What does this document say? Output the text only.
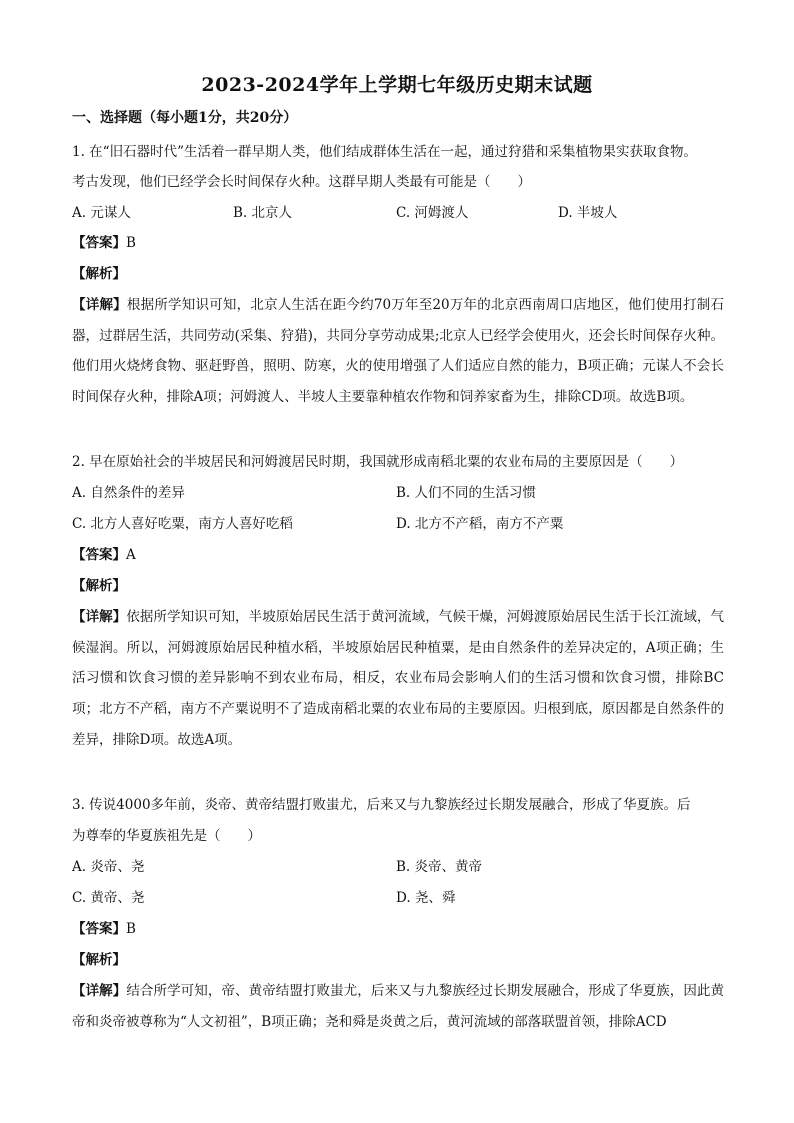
2023-2024学年上学期七年级历史期末试题
一、选择题（每小题1分，共20分）
1. 在“旧石器时代”生活着一群早期人类，他们结成群体生活在一起，通过狩猎和采集植物果实获取食物。
考古发现，他们已经学会长时间保存火种。这群早期人类最有可能是（　　）
A. 元谋人	B. 北京人	C. 河姆渡人	D. 半坡人
【答案】B
【解析】
【详解】根据所学知识可知，北京人生活在距今约70万年至20万年的北京西南周口店地区，他们使用打制石器，过群居生活，共同劳动(采集、狩猎)，共同分享劳动成果;北京人已经学会使用火，还会长时间保存火种。他们用火烧烤食物、驱赶野兽，照明、防寒，火的使用增强了人们适应自然的能力，B项正确；元谋人不会长时间保存火种，排除A项；河姆渡人、半坡人主要靠种植农作物和饲养家畜为生，排除CD项。故选B项。
2. 早在原始社会的半坡居民和河姆渡居民时期，我国就形成南稻北粟的农业布局的主要原因是（　　）
A. 自然条件的差异	B. 人们不同的生活习惯
C. 北方人喜好吃粟，南方人喜好吃稻	D. 北方不产稻，南方不产粟
【答案】A
【解析】
【详解】依据所学知识可知，半坡原始居民生活于黄河流域，气候干燥，河姆渡原始居民生活于长江流域，气候湿润。所以，河姆渡原始居民种植水稻，半坡原始居民种植粟，是由自然条件的差异决定的，A项正确；生活习惯和饮食习惯的差异影响不到农业布局，相反，农业布局会影响人们的生活习惯和饮食习惯，排除BC项；北方不产稻，南方不产粟说明不了造成南稻北粟的农业布局的主要原因。归根到底，原因都是自然条件的差异，排除D项。故选A项。
3. 传说4000多年前，炎帝、黄帝结盟打败蚩尤，后来又与九黎族经过长期发展融合，形成了华夏族。后
为尊奉的华夏族祖先是（　　）
A. 炎帝、尧	B. 炎帝、黄帝
C. 黄帝、尧	D. 尧、舜
【答案】B
【解析】
【详解】结合所学可知，帝、黄帝结盟打败蚩尤，后来又与九黎族经过长期发展融合，形成了华夏族，因此黄帝和炎帝被尊称为“人文初祖”，B项正确；尧和舜是炎黄之后，黄河流域的部落联盟首领，排除ACD
